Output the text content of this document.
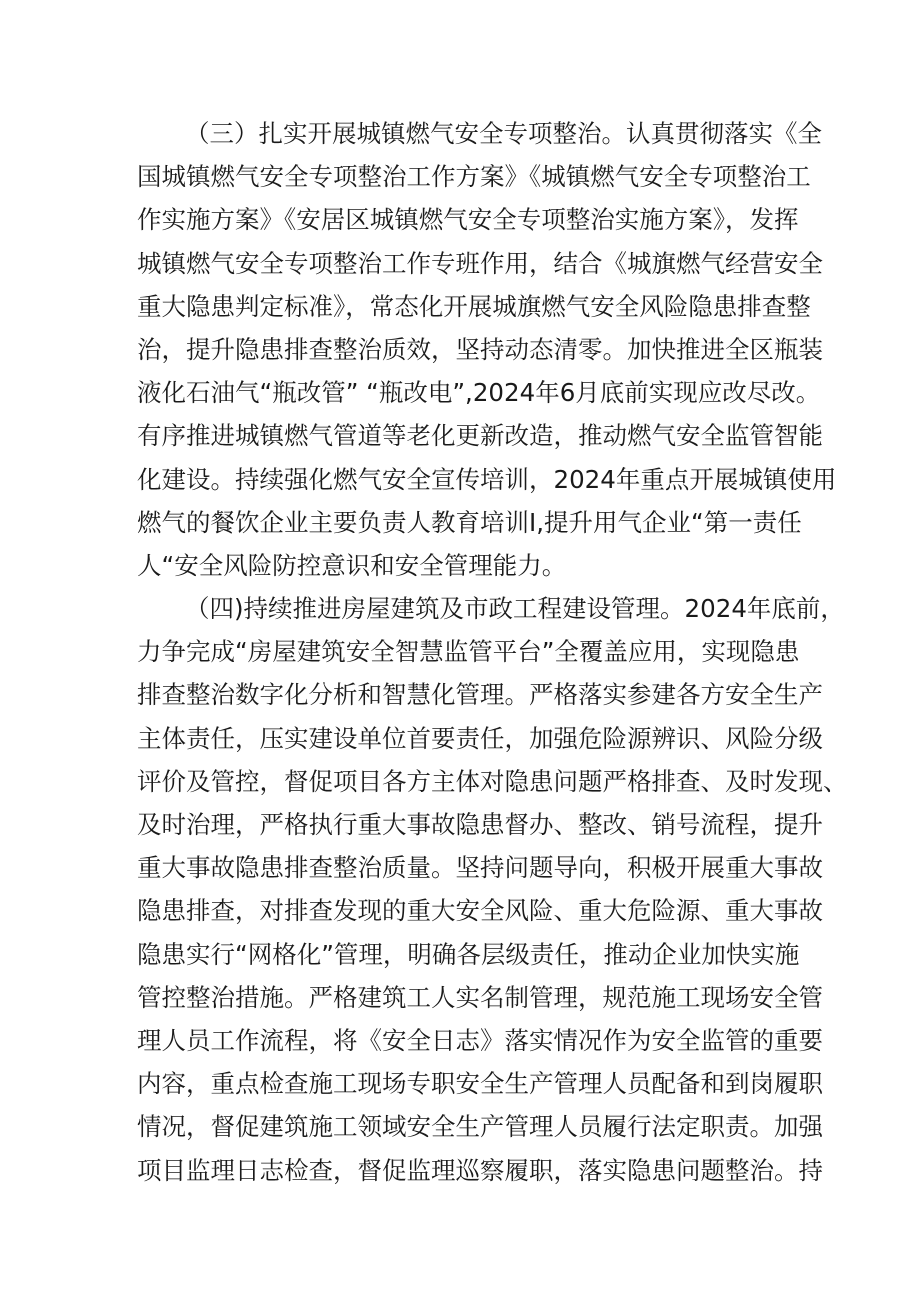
（三）扎实开展城镇燃气安全专项整治。认真贯彻落实《全
国城镇燃气安全专项整治工作方案》《城镇燃气安全专项整治工
作实施方案》《安居区城镇燃气安全专项整治实施方案》，发挥
城镇燃气安全专项整治工作专班作用，结合《城旗燃气经营安全
重大隐患判定标准》，常态化开展城旗燃气安全风险隐患排查整
治，提升隐患排查整治质效，坚持动态清零。加快推进全区瓶装
液化石油气“瓶改管” “瓶改电”,2024年6月底前实现应改尽改。
有序推进城镇燃气管道等老化更新改造，推动燃气安全监管智能
化建设。持续强化燃气安全宣传培训，2024年重点开展城镇使用
燃气的餐饮企业主要负责人教育培训I,提升用气企业“第一责任
人“安全风险防控意识和安全管理能力。
（四)持续推进房屋建筑及市政工程建设管理。2024年底前，
力争完成“房屋建筑安全智慧监管平台”全覆盖应用，实现隐患
排查整治数字化分析和智慧化管理。严格落实参建各方安全生产
主体责任，压实建设单位首要责任，加强危险源辨识、风险分级
评价及管控，督促项目各方主体对隐患问题严格排查、及时发现、
及时治理，严格执行重大事故隐患督办、整改、销号流程，提升
重大事故隐患排查整治质量。坚持问题导向，积极开展重大事故
隐患排查，对排查发现的重大安全风险、重大危险源、重大事故
隐患实行“网格化”管理，明确各层级责任，推动企业加快实施
管控整治措施。严格建筑工人实名制管理，规范施工现场安全管
理人员工作流程，将《安全日志》落实情况作为安全监管的重要
内容，重点检查施工现场专职安全生产管理人员配备和到岗履职
情况，督促建筑施工领域安全生产管理人员履行法定职责。加强
项目监理日志检查，督促监理巡察履职，落实隐患问题整治。持
